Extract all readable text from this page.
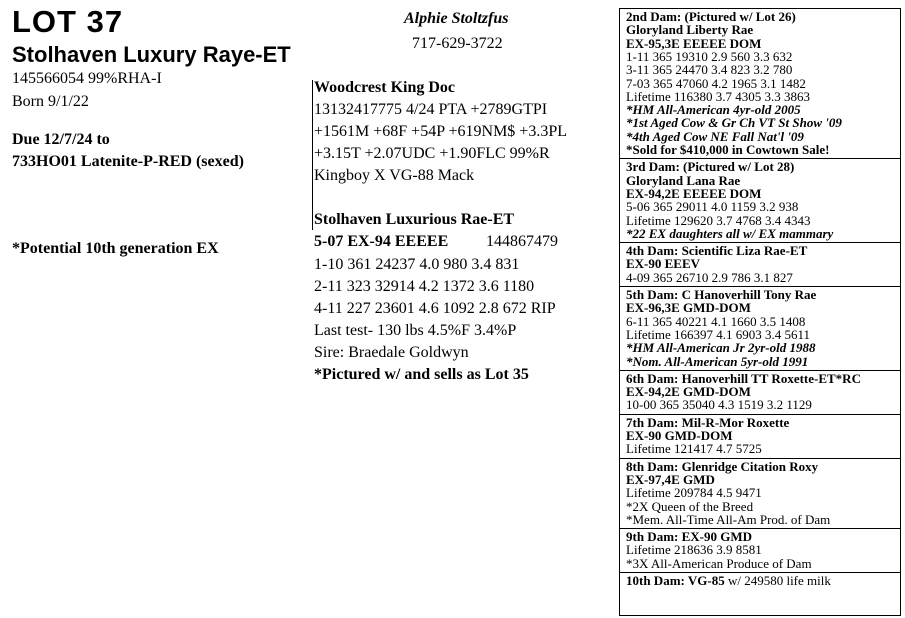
LOT 37
Stolhaven Luxury Raye-ET
145566054 99%RHA-I
Born 9/1/22
Due 12/7/24 to
733HO01 Latenite-P-RED (sexed)
*Potential 10th generation EX
Alphie Stoltzfus
717-629-3722
Woodcrest King Doc
13132417775 4/24 PTA +2789GTPI
+1561M +68F +54P +619NM$ +3.3PL
+3.15T +2.07UDC +1.90FLC 99%R
Kingboy X VG-88 Mack
Stolhaven Luxurious Rae-ET
5-07 EX-94 EEEEE 144867479
1-10 361 24237 4.0 980 3.4 831
2-11 323 32914 4.2 1372 3.6 1180
4-11 227 23601 4.6 1092 2.8 672 RIP
Last test- 130 lbs 4.5%F 3.4%P
Sire: Braedale Goldwyn
*Pictured w/ and sells as Lot 35
2nd Dam: (Pictured w/ Lot 26)
Gloryland Liberty Rae
EX-95,3E EEEEE DOM
1-11 365 19310 2.9 560 3.3 632
3-11 365 24470 3.4 823 3.2 780
7-03 365 47060 4.2 1965 3.1 1482
Lifetime 116380 3.7 4305 3.3 3863
*HM All-American 4yr-old 2005
*1st Aged Cow & Gr Ch VT St Show '09
*4th Aged Cow NE Fall Nat'l '09
*Sold for $410,000 in Cowtown Sale!
3rd Dam: (Pictured w/ Lot 28)
Gloryland Lana Rae
EX-94,2E EEEEE DOM
5-06 365 29011 4.0 1159 3.2 938
Lifetime 129620 3.7 4768 3.4 4343
*22 EX daughters all w/ EX mammary
4th Dam: Scientific Liza Rae-ET
EX-90 EEEV
4-09 365 26710 2.9 786 3.1 827
5th Dam: C Hanoverhill Tony Rae
EX-96,3E GMD-DOM
6-11 365 40221 4.1 1660 3.5 1408
Lifetime 166397 4.1 6903 3.4 5611
*HM All-American Jr 2yr-old 1988
*Nom. All-American 5yr-old 1991
6th Dam: Hanoverhill TT Roxette-ET*RC
EX-94,2E GMD-DOM
10-00 365 35040 4.3 1519 3.2 1129
7th Dam: Mil-R-Mor Roxette
EX-90 GMD-DOM
Lifetime 121417 4.7 5725
8th Dam: Glenridge Citation Roxy
EX-97,4E GMD
Lifetime 209784 4.5 9471
*2X Queen of the Breed
*Mem. All-Time All-Am Prod. of Dam
9th Dam: EX-90 GMD
Lifetime 218636 3.9 8581
*3X All-American Produce of Dam
10th Dam: VG-85 w/ 249580 life milk
